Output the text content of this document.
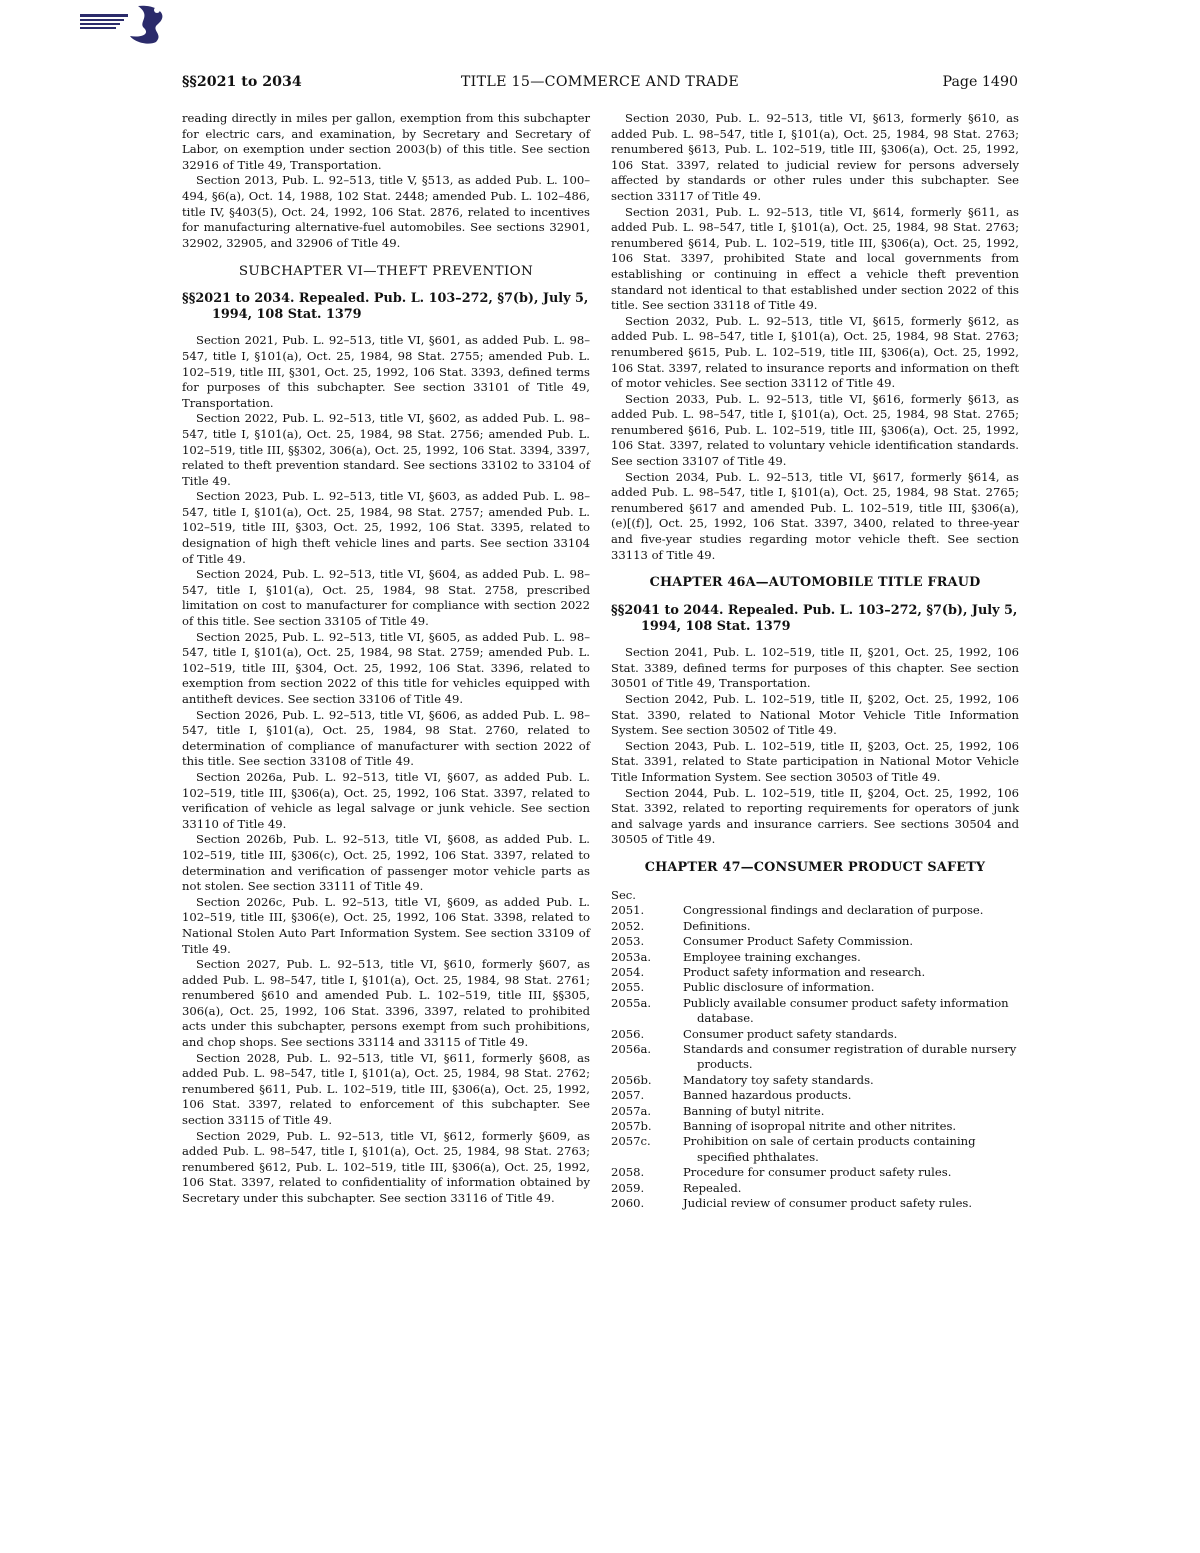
§§2021 to 2034	TITLE 15—COMMERCE AND TRADE	Page 1490

reading directly in miles per gallon, exemption from this subchapter for electric cars, and examination, by Secretary and Secretary of Labor, on exemption under section 2003(b) of this title. See section 32916 of Title 49, Transportation.

Section 2013, Pub. L. 92–513, title V, §513, as added Pub. L. 100–494, §6(a), Oct. 14, 1988, 102 Stat. 2448; amended Pub. L. 102–486, title IV, §403(5), Oct. 24, 1992, 106 Stat. 2876, related to incentives for manufacturing alternative-fuel automobiles. See sections 32901, 32902, 32905, and 32906 of Title 49.

SUBCHAPTER VI—THEFT PREVENTION
§§2021 to 2034. Repealed. Pub. L. 103–272, §7(b), July 5, 1994, 108 Stat. 1379

Section 2021, Pub. L. 92–513, title VI, §601, as added Pub. L. 98–547, title I, §101(a), Oct. 25, 1984, 98 Stat. 2755; amended Pub. L. 102–519, title III, §301, Oct. 25, 1992, 106 Stat. 3393, defined terms for purposes of this subchapter. See section 33101 of Title 49, Transportation.

Section 2022, Pub. L. 92–513, title VI, §602, as added Pub. L. 98–547, title I, §101(a), Oct. 25, 1984, 98 Stat. 2756; amended Pub. L. 102–519, title III, §§302, 306(a), Oct. 25, 1992, 106 Stat. 3394, 3397, related to theft prevention standard. See sections 33102 to 33104 of Title 49.

Section 2023, Pub. L. 92–513, title VI, §603, as added Pub. L. 98–547, title I, §101(a), Oct. 25, 1984, 98 Stat. 2757; amended Pub. L. 102–519, title III, §303, Oct. 25, 1992, 106 Stat. 3395, related to designation of high theft vehicle lines and parts. See section 33104 of Title 49.

Section 2024, Pub. L. 92–513, title VI, §604, as added Pub. L. 98–547, title I, §101(a), Oct. 25, 1984, 98 Stat. 2758, prescribed limitation on cost to manufacturer for compliance with section 2022 of this title. See section 33105 of Title 49.

Section 2025, Pub. L. 92–513, title VI, §605, as added Pub. L. 98–547, title I, §101(a), Oct. 25, 1984, 98 Stat. 2759; amended Pub. L. 102–519, title III, §304, Oct. 25, 1992, 106 Stat. 3396, related to exemption from section 2022 of this title for vehicles equipped with antitheft devices. See section 33106 of Title 49.

Section 2026, Pub. L. 92–513, title VI, §606, as added Pub. L. 98–547, title I, §101(a), Oct. 25, 1984, 98 Stat. 2760, related to determination of compliance of manufacturer with section 2022 of this title. See section 33108 of Title 49.

Section 2026a, Pub. L. 92–513, title VI, §607, as added Pub. L. 102–519, title III, §306(a), Oct. 25, 1992, 106 Stat. 3397, related to verification of vehicle as legal salvage or junk vehicle. See section 33110 of Title 49.

Section 2026b, Pub. L. 92–513, title VI, §608, as added Pub. L. 102–519, title III, §306(c), Oct. 25, 1992, 106 Stat. 3397, related to determination and verification of passenger motor vehicle parts as not stolen. See section 33111 of Title 49.

Section 2026c, Pub. L. 92–513, title VI, §609, as added Pub. L. 102–519, title III, §306(e), Oct. 25, 1992, 106 Stat. 3398, related to National Stolen Auto Part Information System. See section 33109 of Title 49.

Section 2027, Pub. L. 92–513, title VI, §610, formerly §607, as added Pub. L. 98–547, title I, §101(a), Oct. 25, 1984, 98 Stat. 2761; renumbered §610 and amended Pub. L. 102–519, title III, §§305, 306(a), Oct. 25, 1992, 106 Stat. 3396, 3397, related to prohibited acts under this subchapter, persons exempt from such prohibitions, and chop shops. See sections 33114 and 33115 of Title 49.

Section 2028, Pub. L. 92–513, title VI, §611, formerly §608, as added Pub. L. 98–547, title I, §101(a), Oct. 25, 1984, 98 Stat. 2762; renumbered §611, Pub. L. 102–519, title III, §306(a), Oct. 25, 1992, 106 Stat. 3397, related to enforcement of this subchapter. See section 33115 of Title 49.

Section 2029, Pub. L. 92–513, title VI, §612, formerly §609, as added Pub. L. 98–547, title I, §101(a), Oct. 25, 1984, 98 Stat. 2763; renumbered §612, Pub. L. 102–519, title III, §306(a), Oct. 25, 1992, 106 Stat. 3397, related to confidentiality of information obtained by Secretary under this subchapter. See section 33116 of Title 49.

Section 2030, Pub. L. 92–513, title VI, §613, formerly §610, as added Pub. L. 98–547, title I, §101(a), Oct. 25, 1984, 98 Stat. 2763; renumbered §613, Pub. L. 102–519, title III, §306(a), Oct. 25, 1992, 106 Stat. 3397, related to judicial review for persons adversely affected by standards or other rules under this subchapter. See section 33117 of Title 49.

Section 2031, Pub. L. 92–513, title VI, §614, formerly §611, as added Pub. L. 98–547, title I, §101(a), Oct. 25, 1984, 98 Stat. 2763; renumbered §614, Pub. L. 102–519, title III, §306(a), Oct. 25, 1992, 106 Stat. 3397, prohibited State and local governments from establishing or continuing in effect a vehicle theft prevention standard not identical to that established under section 2022 of this title. See section 33118 of Title 49.

Section 2032, Pub. L. 92–513, title VI, §615, formerly §612, as added Pub. L. 98–547, title I, §101(a), Oct. 25, 1984, 98 Stat. 2763; renumbered §615, Pub. L. 102–519, title III, §306(a), Oct. 25, 1992, 106 Stat. 3397, related to insurance reports and information on theft of motor vehicles. See section 33112 of Title 49.

Section 2033, Pub. L. 92–513, title VI, §616, formerly §613, as added Pub. L. 98–547, title I, §101(a), Oct. 25, 1984, 98 Stat. 2765; renumbered §616, Pub. L. 102–519, title III, §306(a), Oct. 25, 1992, 106 Stat. 3397, related to voluntary vehicle identification standards. See section 33107 of Title 49.

Section 2034, Pub. L. 92–513, title VI, §617, formerly §614, as added Pub. L. 98–547, title I, §101(a), Oct. 25, 1984, 98 Stat. 2765; renumbered §617 and amended Pub. L. 102–519, title III, §306(a), (e)[(f)], Oct. 25, 1992, 106 Stat. 3397, 3400, related to three-year and five-year studies regarding motor vehicle theft. See section 33113 of Title 49.

CHAPTER 46A—AUTOMOBILE TITLE FRAUD
§§2041 to 2044. Repealed. Pub. L. 103–272, §7(b), July 5, 1994, 108 Stat. 1379

Section 2041, Pub. L. 102–519, title II, §201, Oct. 25, 1992, 106 Stat. 3389, defined terms for purposes of this chapter. See section 30501 of Title 49, Transportation.

Section 2042, Pub. L. 102–519, title II, §202, Oct. 25, 1992, 106 Stat. 3390, related to National Motor Vehicle Title Information System. See section 30502 of Title 49.

Section 2043, Pub. L. 102–519, title II, §203, Oct. 25, 1992, 106 Stat. 3391, related to State participation in National Motor Vehicle Title Information System. See section 30503 of Title 49.

Section 2044, Pub. L. 102–519, title II, §204, Oct. 25, 1992, 106 Stat. 3392, related to reporting requirements for operators of junk and salvage yards and insurance carriers. See sections 30504 and 30505 of Title 49.

CHAPTER 47—CONSUMER PRODUCT SAFETY
Sec.
2051.	Congressional findings and declaration of purpose.
2052.	Definitions.
2053.	Consumer Product Safety Commission.
2053a.	Employee training exchanges.
2054.	Product safety information and research.
2055.	Public disclosure of information.
2055a.	Publicly available consumer product safety information database.
2056.	Consumer product safety standards.
2056a.	Standards and consumer registration of durable nursery products.
2056b.	Mandatory toy safety standards.
2057.	Banned hazardous products.
2057a.	Banning of butyl nitrite.
2057b.	Banning of isopropal nitrite and other nitrites.
2057c.	Prohibition on sale of certain products containing specified phthalates.
2058.	Procedure for consumer product safety rules.
2059.	Repealed.
2060.	Judicial review of consumer product safety rules.
